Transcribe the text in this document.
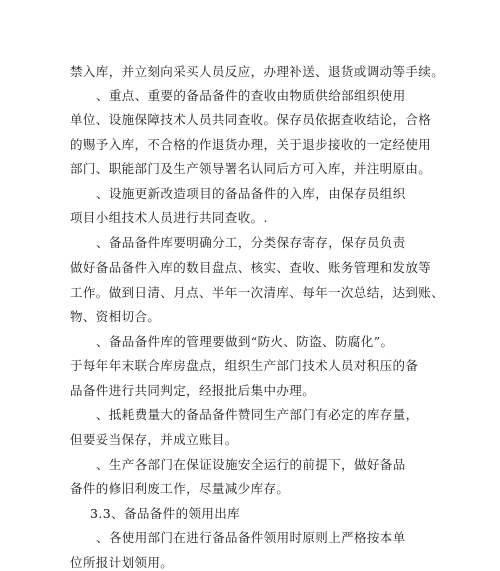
禁入库，并立刻向采买人员反应，办理补送、退货或调动等手续。
、重点、重要的备品备件的查收由物质供给部组织使用
单位、设施保障技术人员共同查收。保存员依据查收结论，合格
的赐予入库，不合格的作退货办理，关于退步接收的一定经使用
部门、职能部门及生产领导署名认同后方可入库，并注明原由。
、设施更新改造项目的备品备件的入库，由保存员组织
项目小组技术人员进行共同查收。.
、备品备件库要明确分工，分类保存寄存，保存员负责
做好备品备件入库的数目盘点、核实、查收、账务管理和发放等
工作。做到日清、月点、半年一次清库、每年一次总结，达到账、
物、资相切合。
、备品备件库的管理要做到“防火、防盗、防腐化”。
于每年年末联合库房盘点，组织生产部门技术人员对积压的备
品备件进行共同判定，经报批后集中办理。
、抵耗费量大的备品备件赞同生产部门有必定的库存量，
但要妥当保存，并成立账目。
、生产各部门在保证设施安全运行的前提下，做好备品
备件的修旧利废工作，尽量减少库存。
3.3、备品备件的领用出库
、各使用部门在进行备品备件领用时原则上严格按本单
位所报计划领用。
